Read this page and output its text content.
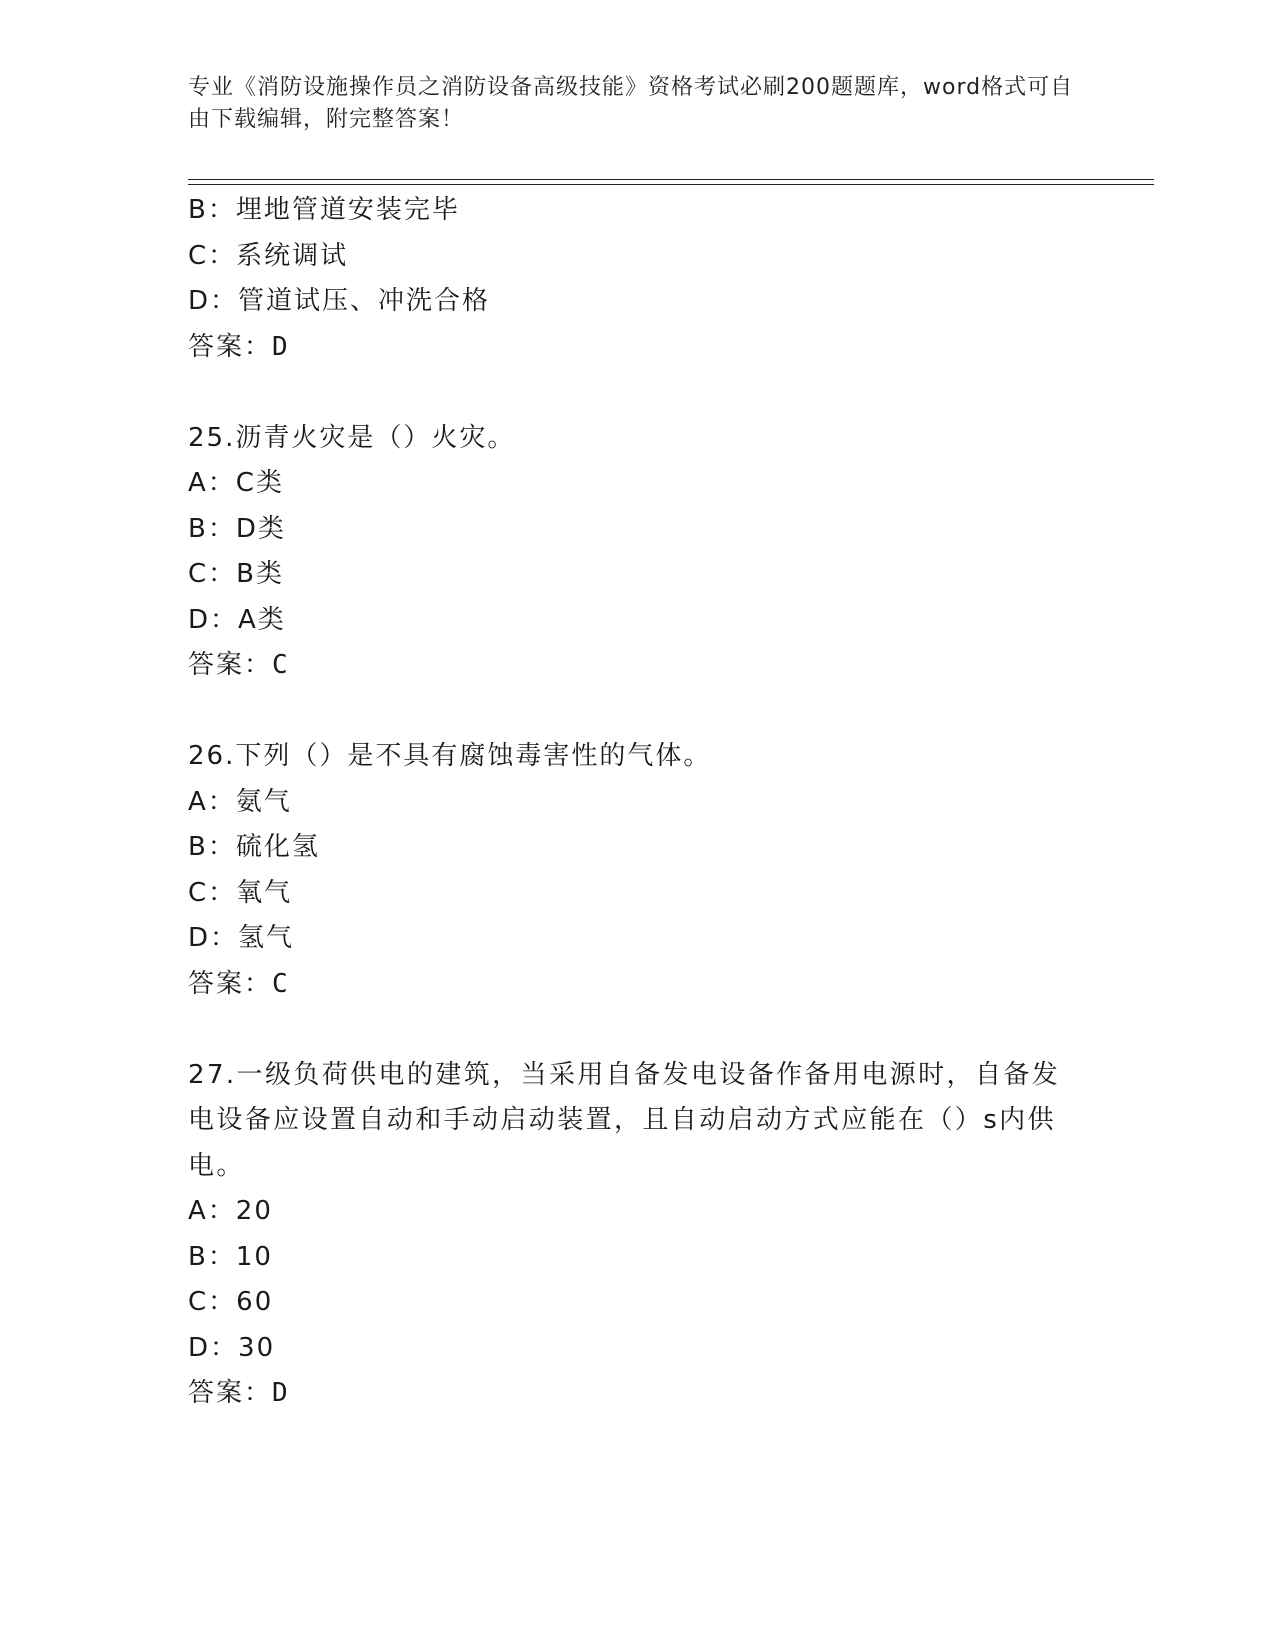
专业《消防设施操作员之消防设备高级技能》资格考试必刷200题题库，word格式可自由下载编辑，附完整答案！
B：埋地管道安装完毕
C：系统调试
D：管道试压、冲洗合格
答案：D
25.沥青火灾是（）火灾。
A：C类
B：D类
C：B类
D：A类
答案：C
26.下列（）是不具有腐蚀毒害性的气体。
A：氨气
B：硫化氢
C：氧气
D：氢气
答案：C
27.一级负荷供电的建筑，当采用自备发电设备作备用电源时，自备发电设备应设置自动和手动启动装置，且自动启动方式应能在（）s内供电。
A：20
B：10
C：60
D：30
答案：D
